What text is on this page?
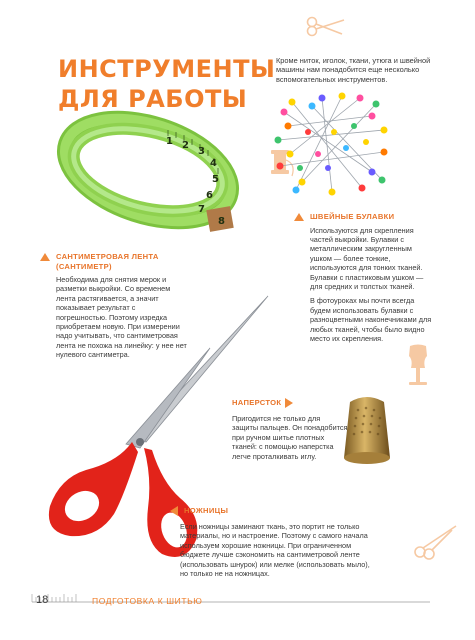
ИНСТРУМЕНТЫ
ДЛЯ РАБОТЫ
Кроме ниток, иголок, ткани, утюга и швейной машины нам понадобится еще несколько вспомогательных инструментов.
1 2
3
4
5
6
7
8	ШВЕЙНЫЕ БУЛАВКИ

Используются для скрепления частей выкройки. Булавки с металлическим закругленным ушком — более тонкие, используются для тонких тканей. Булавки с пластиковым ушком — для средних и толстых тканей.

В фотоуроках мы почти всегда будем использовать булавки с разноцветными наконечниками для любых тканей, чтобы было видно место их скрепления.

САНТИМЕТРОВАЯ ЛЕНТА
(САНТИМЕТР)
Необходима для снятия мерок и разметки выкройки. Со временем лента растягивается, а значит показывает результат с погрешностью. Поэтому изредка приобретаем новую. При измерении надо учитывать, что сантиметровая лента не похожа на линейку: у нее нет нулевого сантиметра.
НАПЕРСТОК
Пригодится не только для защиты пальцев. Он понадобится при ручном шитье плотных тканей: с помощью наперстка легче проталкивать иглу.
НОЖНИЦЫ
Если ножницы заминают ткань, это портит не только материалы, но и настроение. Поэтому с самого начала используем хорошие ножницы. При ограниченном бюджете лучше сэкономить на сантиметровой ленте (использовать шнурок) или мелке (использовать мыло), но только не на ножницах.
18	ПОДГОТОВКА К ШИТЬЮ
